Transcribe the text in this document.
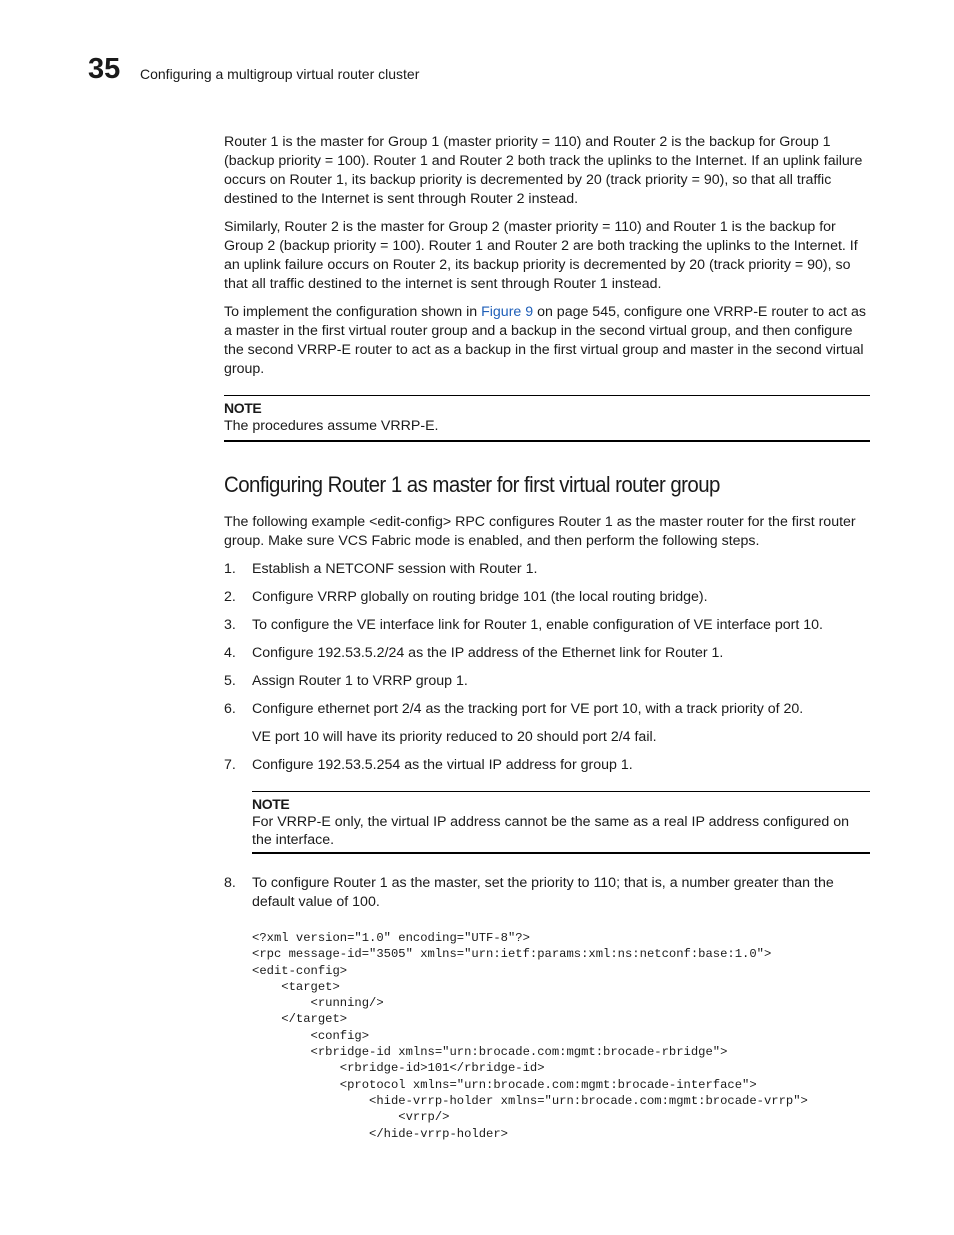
35 Configuring a multigroup virtual router cluster

Router 1 is the master for Group 1 (master priority = 110) and Router 2 is the backup for Group 1 (backup priority = 100). Router 1 and Router 2 both track the uplinks to the Internet. If an uplink failure occurs on Router 1, its backup priority is decremented by 20 (track priority = 90), so that all traffic destined to the Internet is sent through Router 2 instead.

Similarly, Router 2 is the master for Group 2 (master priority = 110) and Router 1 is the backup for Group 2 (backup priority = 100). Router 1 and Router 2 are both tracking the uplinks to the Internet. If an uplink failure occurs on Router 2, its backup priority is decremented by 20 (track priority = 90), so that all traffic destined to the internet is sent through Router 1 instead.

To implement the configuration shown in Figure 9 on page 545, configure one VRRP-E router to act as a master in the first virtual router group and a backup in the second virtual group, and then configure the second VRRP-E router to act as a backup in the first virtual group and master in the second virtual group.

NOTE
The procedures assume VRRP-E.
Configuring Router 1 as master for first virtual router group

The following example <edit-config> RPC configures Router 1 as the master router for the first router group. Make sure VCS Fabric mode is enabled, and then perform the following steps.

1. Establish a NETCONF session with Router 1.
2. Configure VRRP globally on routing bridge 101 (the local routing bridge).
3. To configure the VE interface link for Router 1, enable configuration of VE interface port 10.
4. Configure 192.53.5.2/24 as the IP address of the Ethernet link for Router 1.
5. Assign Router 1 to VRRP group 1.
6. Configure ethernet port 2/4 as the tracking port for VE port 10, with a track priority of 20.
VE port 10 will have its priority reduced to 20 should port 2/4 fail.
7. Configure 192.53.5.254 as the virtual IP address for group 1.
NOTE
For VRRP-E only, the virtual IP address cannot be the same as a real IP address configured on the interface.
8. To configure Router 1 as the master, set the priority to 110; that is, a number greater than the default value of 100.
<?xml version="1.0" encoding="UTF-8"?>
<rpc message-id="3505" xmlns="urn:ietf:params:xml:ns:netconf:base:1.0">
<edit-config>
<target>
<running/>
</target>
<config>
<rbridge-id xmlns="urn:brocade.com:mgmt:brocade-rbridge">
<rbridge-id>101</rbridge-id>
<protocol xmlns="urn:brocade.com:mgmt:brocade-interface">
<hide-vrrp-holder xmlns="urn:brocade.com:mgmt:brocade-vrrp">
<vrrp/>
</hide-vrrp-holder>
